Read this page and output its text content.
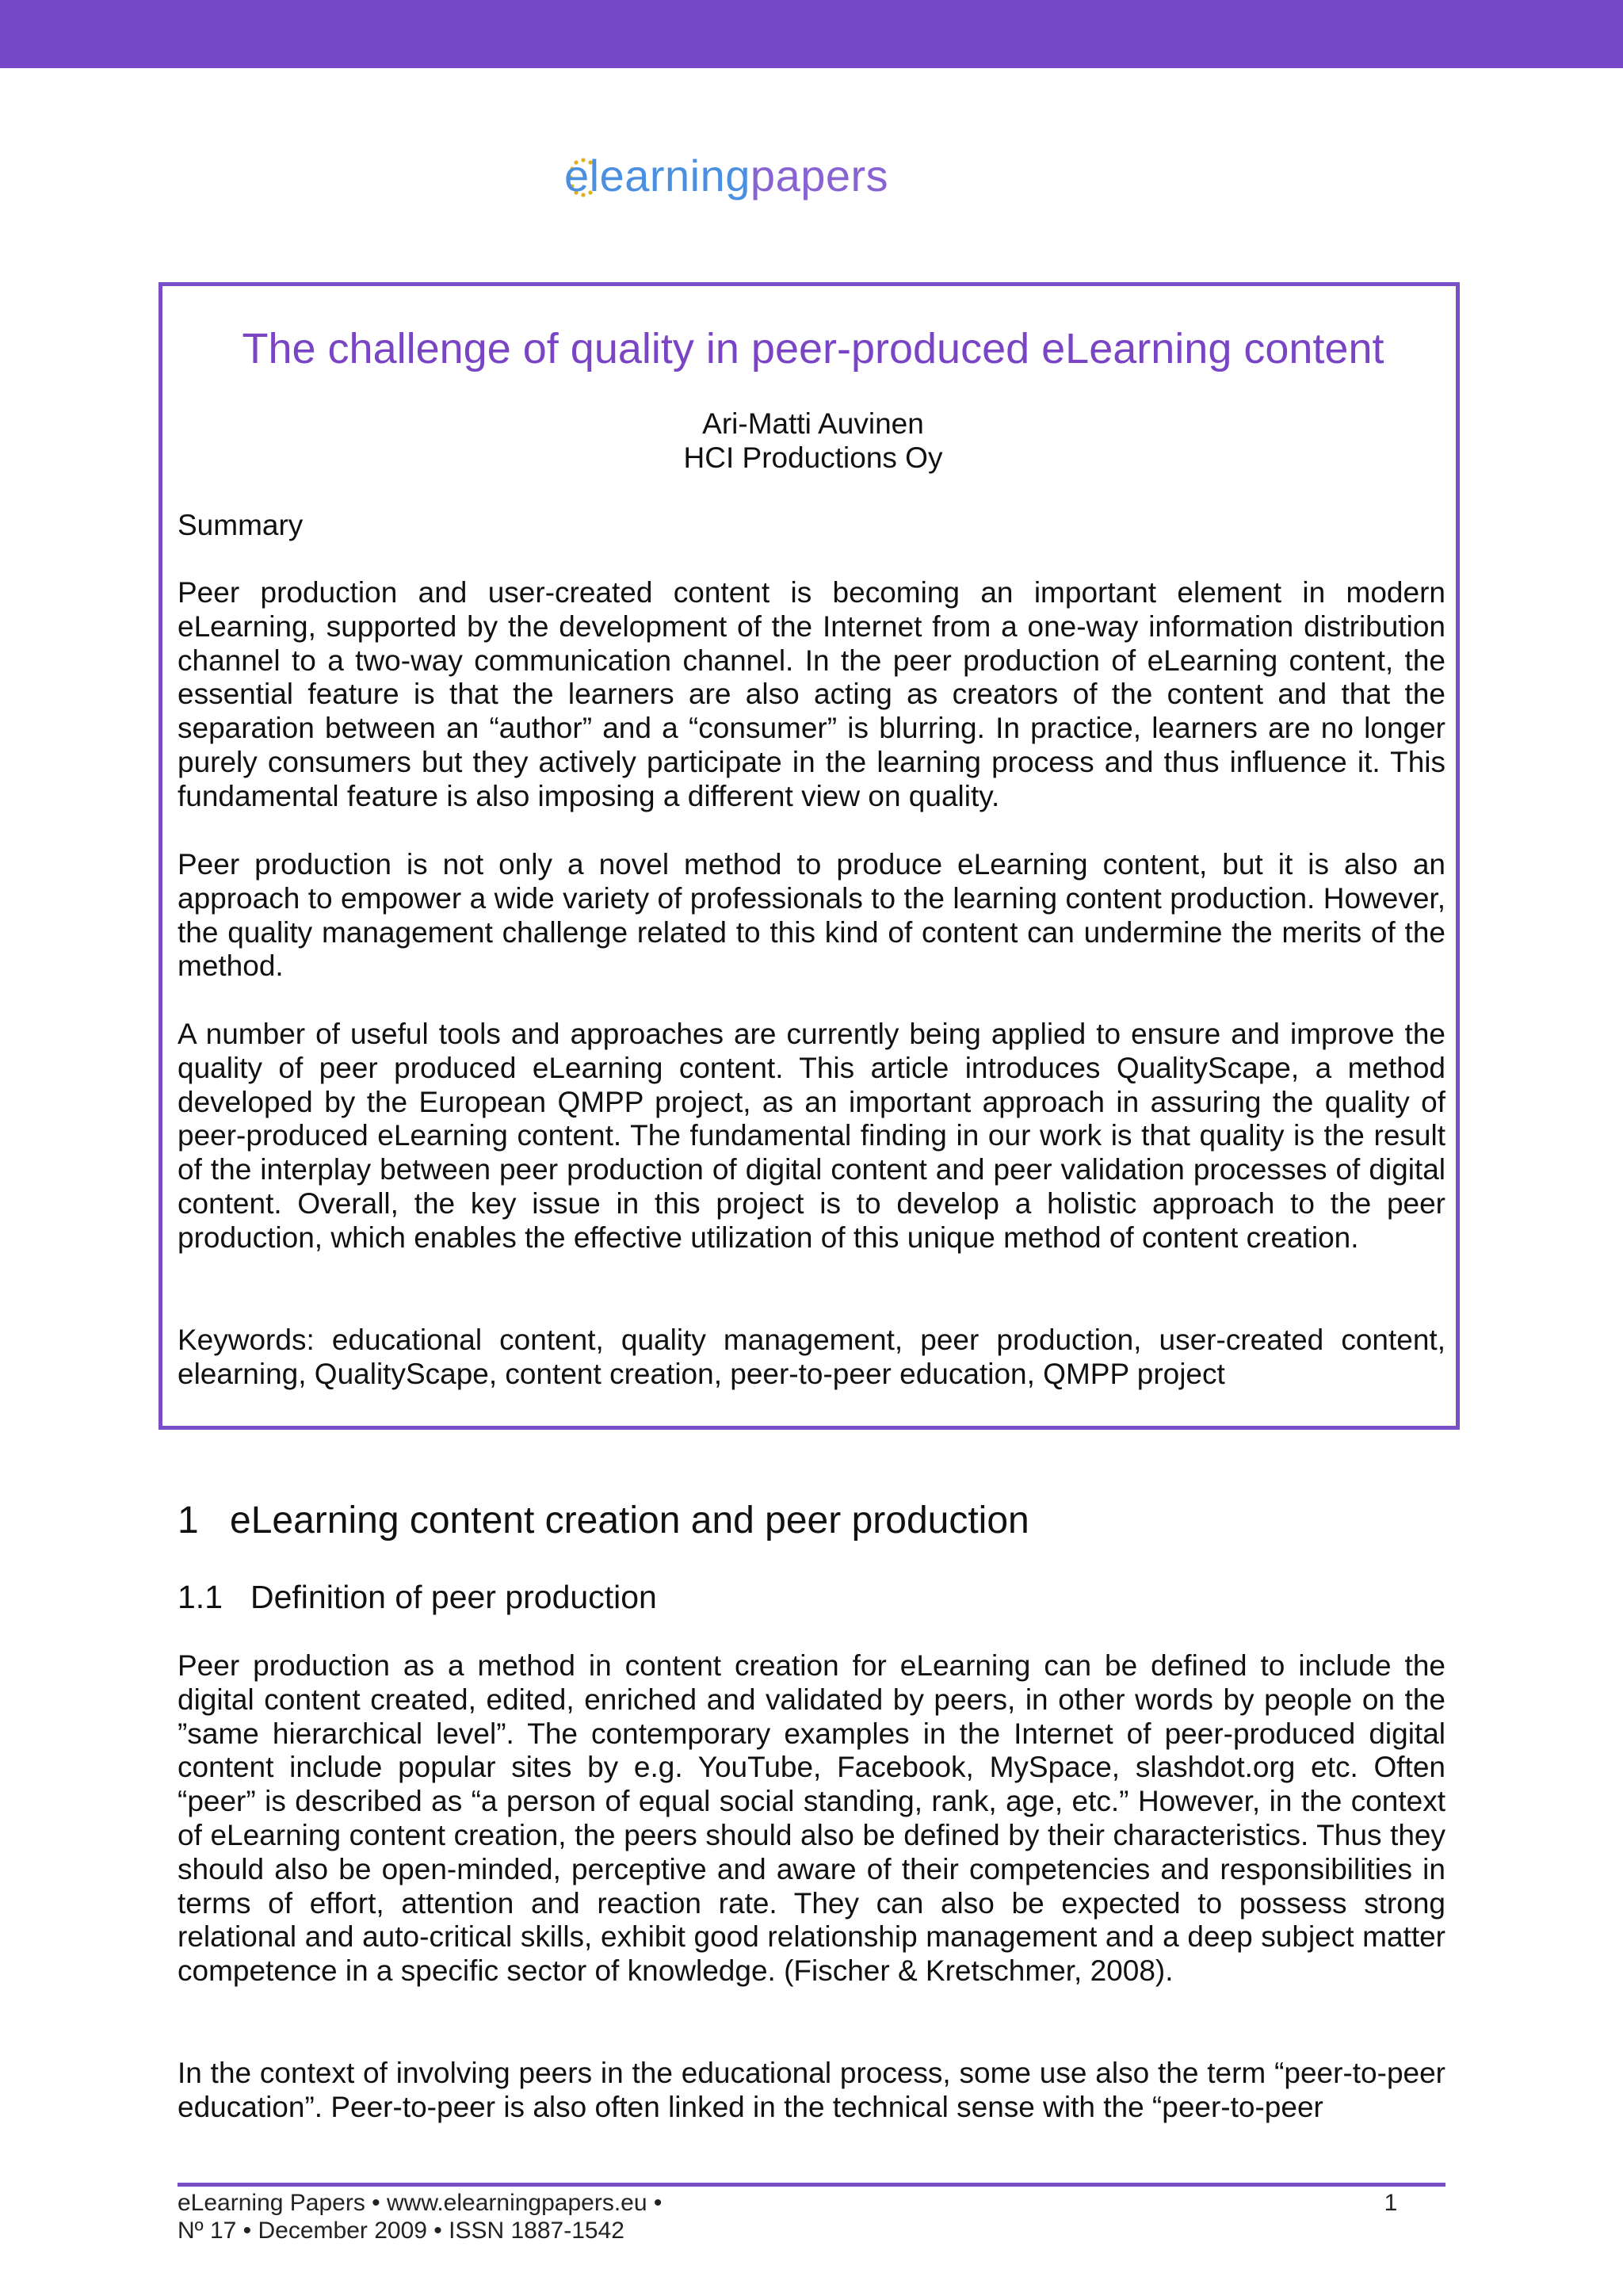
e learning papers
The challenge of quality in peer-produced eLearning content
Ari-Matti Auvinen
HCI Productions Oy
Summary
Peer production and user-created content is becoming an important element in modern eLearning, supported by the development of the Internet from a one-way information distribution channel to a two-way communication channel. In the peer production of eLearning content, the essential feature is that the learners are also acting as creators of the content and that the separation between an “author” and a “consumer” is blurring. In practice, learners are no longer purely consumers but they actively participate in the learning process and thus influence it. This fundamental feature is also imposing a different view on quality.
Peer production is not only a novel method to produce eLearning content, but it is also an approach to empower a wide variety of professionals to the learning content production. However, the quality management challenge related to this kind of content can undermine the merits of the method.
A number of useful tools and approaches are currently being applied to ensure and improve the quality of peer produced eLearning content. This article introduces QualityScape, a method developed by the European QMPP project, as an important approach in assuring the quality of peer-produced eLearning content. The fundamental finding in our work is that quality is the result of the interplay between peer production of digital content and peer validation processes of digital content. Overall, the key issue in this project is to develop a holistic approach to the peer production, which enables the effective utilization of this unique method of content creation.
Keywords: educational content, quality management, peer production, user-created content, elearning, QualityScape, content creation, peer-to-peer education, QMPP project
1 eLearning content creation and peer production
1.1 Definition of peer production
Peer production as a method in content creation for eLearning can be defined to include the digital content created, edited, enriched and validated by peers, in other words by people on the ”same hierarchical level”. The contemporary examples in the Internet of peer-produced digital content include popular sites by e.g. YouTube, Facebook, MySpace, slashdot.org etc. Often “peer” is described as “a person of equal social standing, rank, age, etc.” However, in the context of eLearning content creation, the peers should also be defined by their characteristics. Thus they should also be open-minded, perceptive and aware of their competencies and responsibilities in terms of effort, attention and reaction rate. They can also be expected to possess strong relational and auto-critical skills, exhibit good relationship management and a deep subject matter competence in a specific sector of knowledge. (Fischer & Kretschmer, 2008).
In the context of involving peers in the educational process, some use also the term “peer-to-peer education”. Peer-to-peer is also often linked in the technical sense with the “peer-to-peer
eLearning Papers • www.elearningpapers.eu •
Nº 17 • December 2009 • ISSN 1887-1542
1
